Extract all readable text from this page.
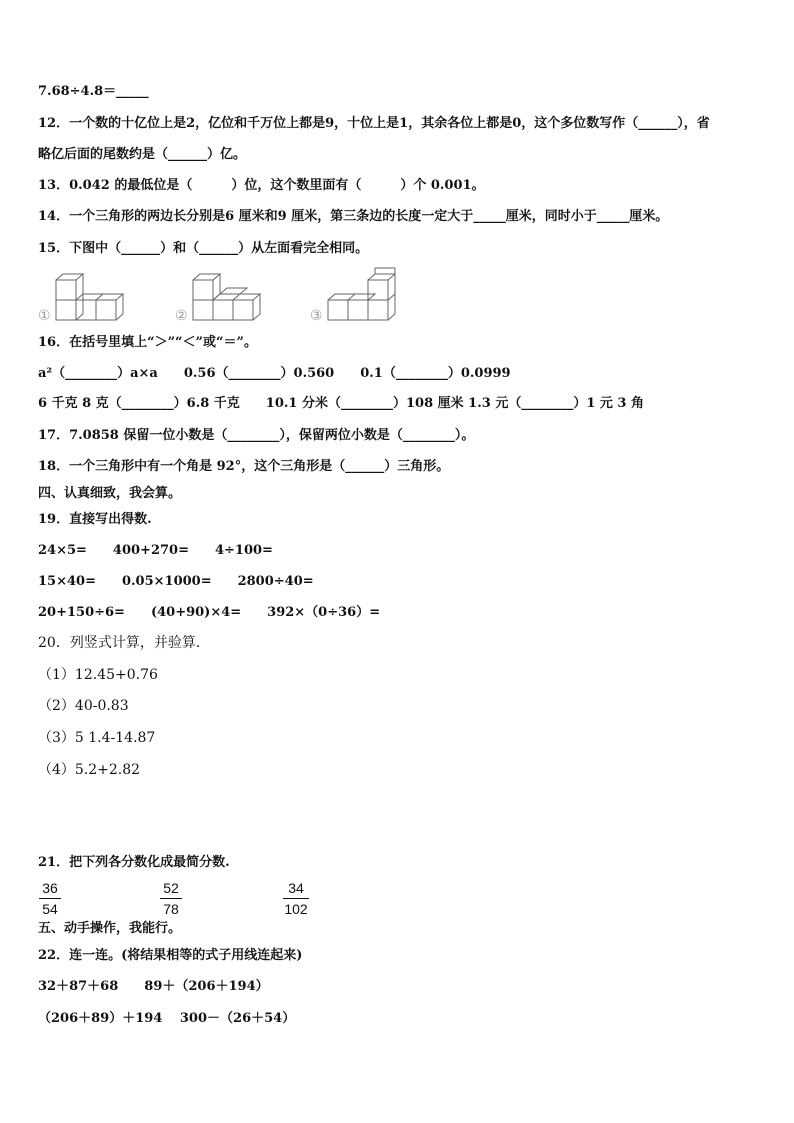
7.68÷4.8＝_____
12．一个数的十亿位上是2，亿位和千万位上都是9，十位上是1，其余各位上都是0，这个多位数写作（______），省
略亿后面的尾数约是（______）亿。
13．0.042 的最低位是（　　　）位，这个数里面有（　　　）个 0.001。
14．一个三角形的两边长分别是6 厘米和9 厘米，第三条边的长度一定大于_____厘米，同时小于_____厘米。
15．下图中（______）和（______）从左面看完全相同。
①	②	③
16．在括号里填上“＞”“＜”或“＝”。
a²（________）a×a　　0.56（________）0.560　　0.1（________）0.0999
6 千克 8 克（________）6.8 千克　　10.1 分米（________）108 厘米 1.3 元（________）1 元 3 角
17．7.0858 保留一位小数是（________），保留两位小数是（________）。
18．一个三角形中有一个角是 92°，这个三角形是（______）三角形。
四、认真细致，我会算。
19．直接写出得数.
24×5=　　400+270=　　4÷100=
15×40=　　0.05×1000=　　2800÷40=
20+150÷6=　　(40+90)×4=　　392×（0÷36）=
20．列竖式计算，并验算．
（1）12.45+0.76
（2）40-0.83
（3）5 1.4-14.87
（4）5.2+2.82
21．把下列各分数化成最简分数.
36
54
52
78
34
102
五、动手操作，我能行。
22．连一连。(将结果相等的式子用线连起来)
32＋87＋68　　89＋（206＋194）
（206＋89）＋194　 300－（26＋54）
